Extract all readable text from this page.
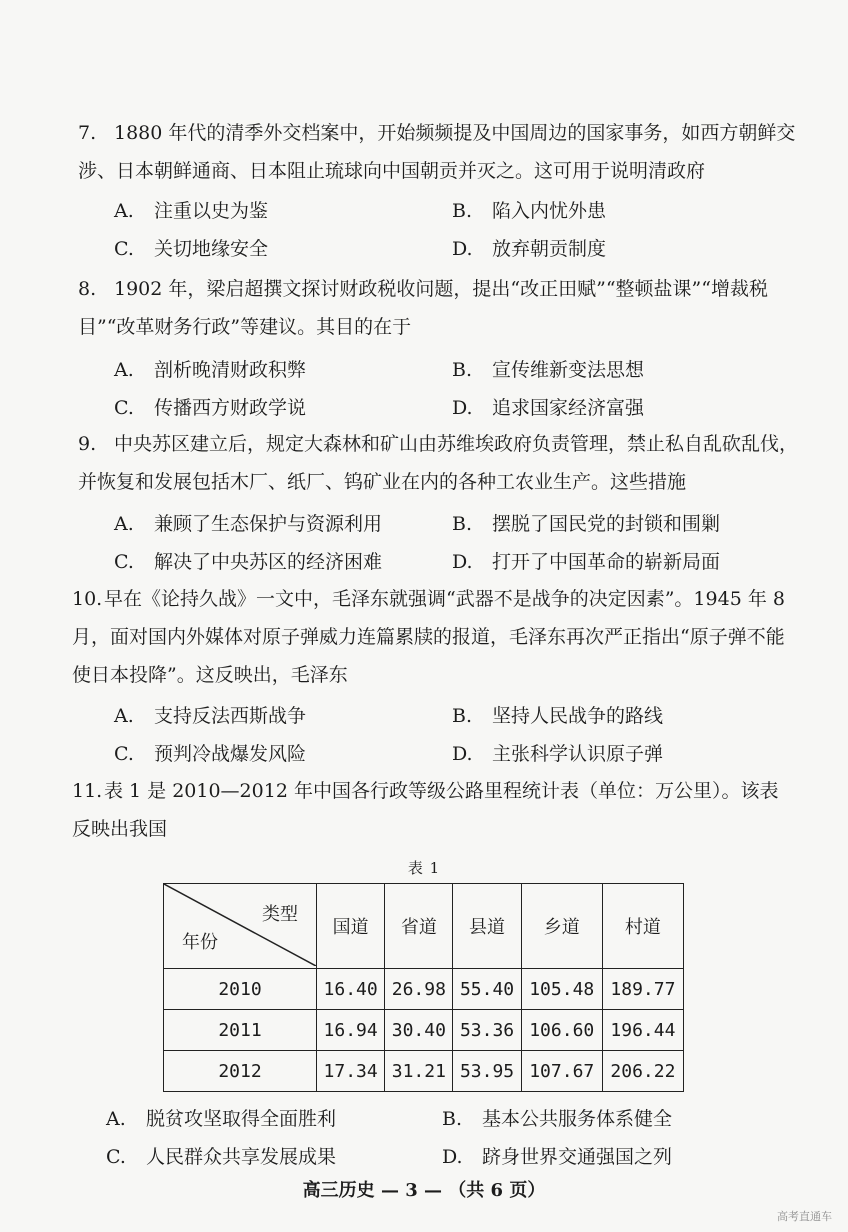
7. 1880 年代的清季外交档案中，开始频频提及中国周边的国家事务，如西方朝鲜交涉、日本朝鲜通商、日本阻止琉球向中国朝贡并灭之。这可用于说明清政府
A. 注重以史为鉴	B. 陷入内忧外患
C. 关切地缘安全	D. 放弃朝贡制度
8. 1902 年，梁启超撰文探讨财政税收问题，提出“改正田赋”“整顿盐课”“增裁税目”“改革财务行政”等建议。其目的在于
A. 剖析晚清财政积弊	B. 宣传维新变法思想
C. 传播西方财政学说	D. 追求国家经济富强
9. 中央苏区建立后，规定大森林和矿山由苏维埃政府负责管理，禁止私自乱砍乱伐，并恢复和发展包括木厂、纸厂、钨矿业在内的各种工农业生产。这些措施
A. 兼顾了生态保护与资源利用	B. 摆脱了国民党的封锁和围剿
C. 解决了中央苏区的经济困难	D. 打开了中国革命的崭新局面
10.早在《论持久战》一文中，毛泽东就强调“武器不是战争的决定因素”。1945 年 8 月，面对国内外媒体对原子弹威力连篇累牍的报道，毛泽东再次严正指出“原子弹不能使日本投降”。这反映出，毛泽东
A. 支持反法西斯战争	B. 坚持人民战争的路线
C. 预判冷战爆发风险	D. 主张科学认识原子弹
11.表 1 是 2010—2012 年中国各行政等级公路里程统计表（单位：万公里）。该表反映出我国
表 1
类型
年份	国道	省道	县道	乡道	村道
2010	16.40	26.98	55.40	105.48	189.77
2011	16.94	30.40	53.36	106.60	196.44
2012	17.34	31.21	53.95	107.67	206.22
A. 脱贫攻坚取得全面胜利	B. 基本公共服务体系健全
C. 人民群众共享发展成果	D. 跻身世界交通强国之列
高三历史 — 3 — （共 6 页）
高考直通车
